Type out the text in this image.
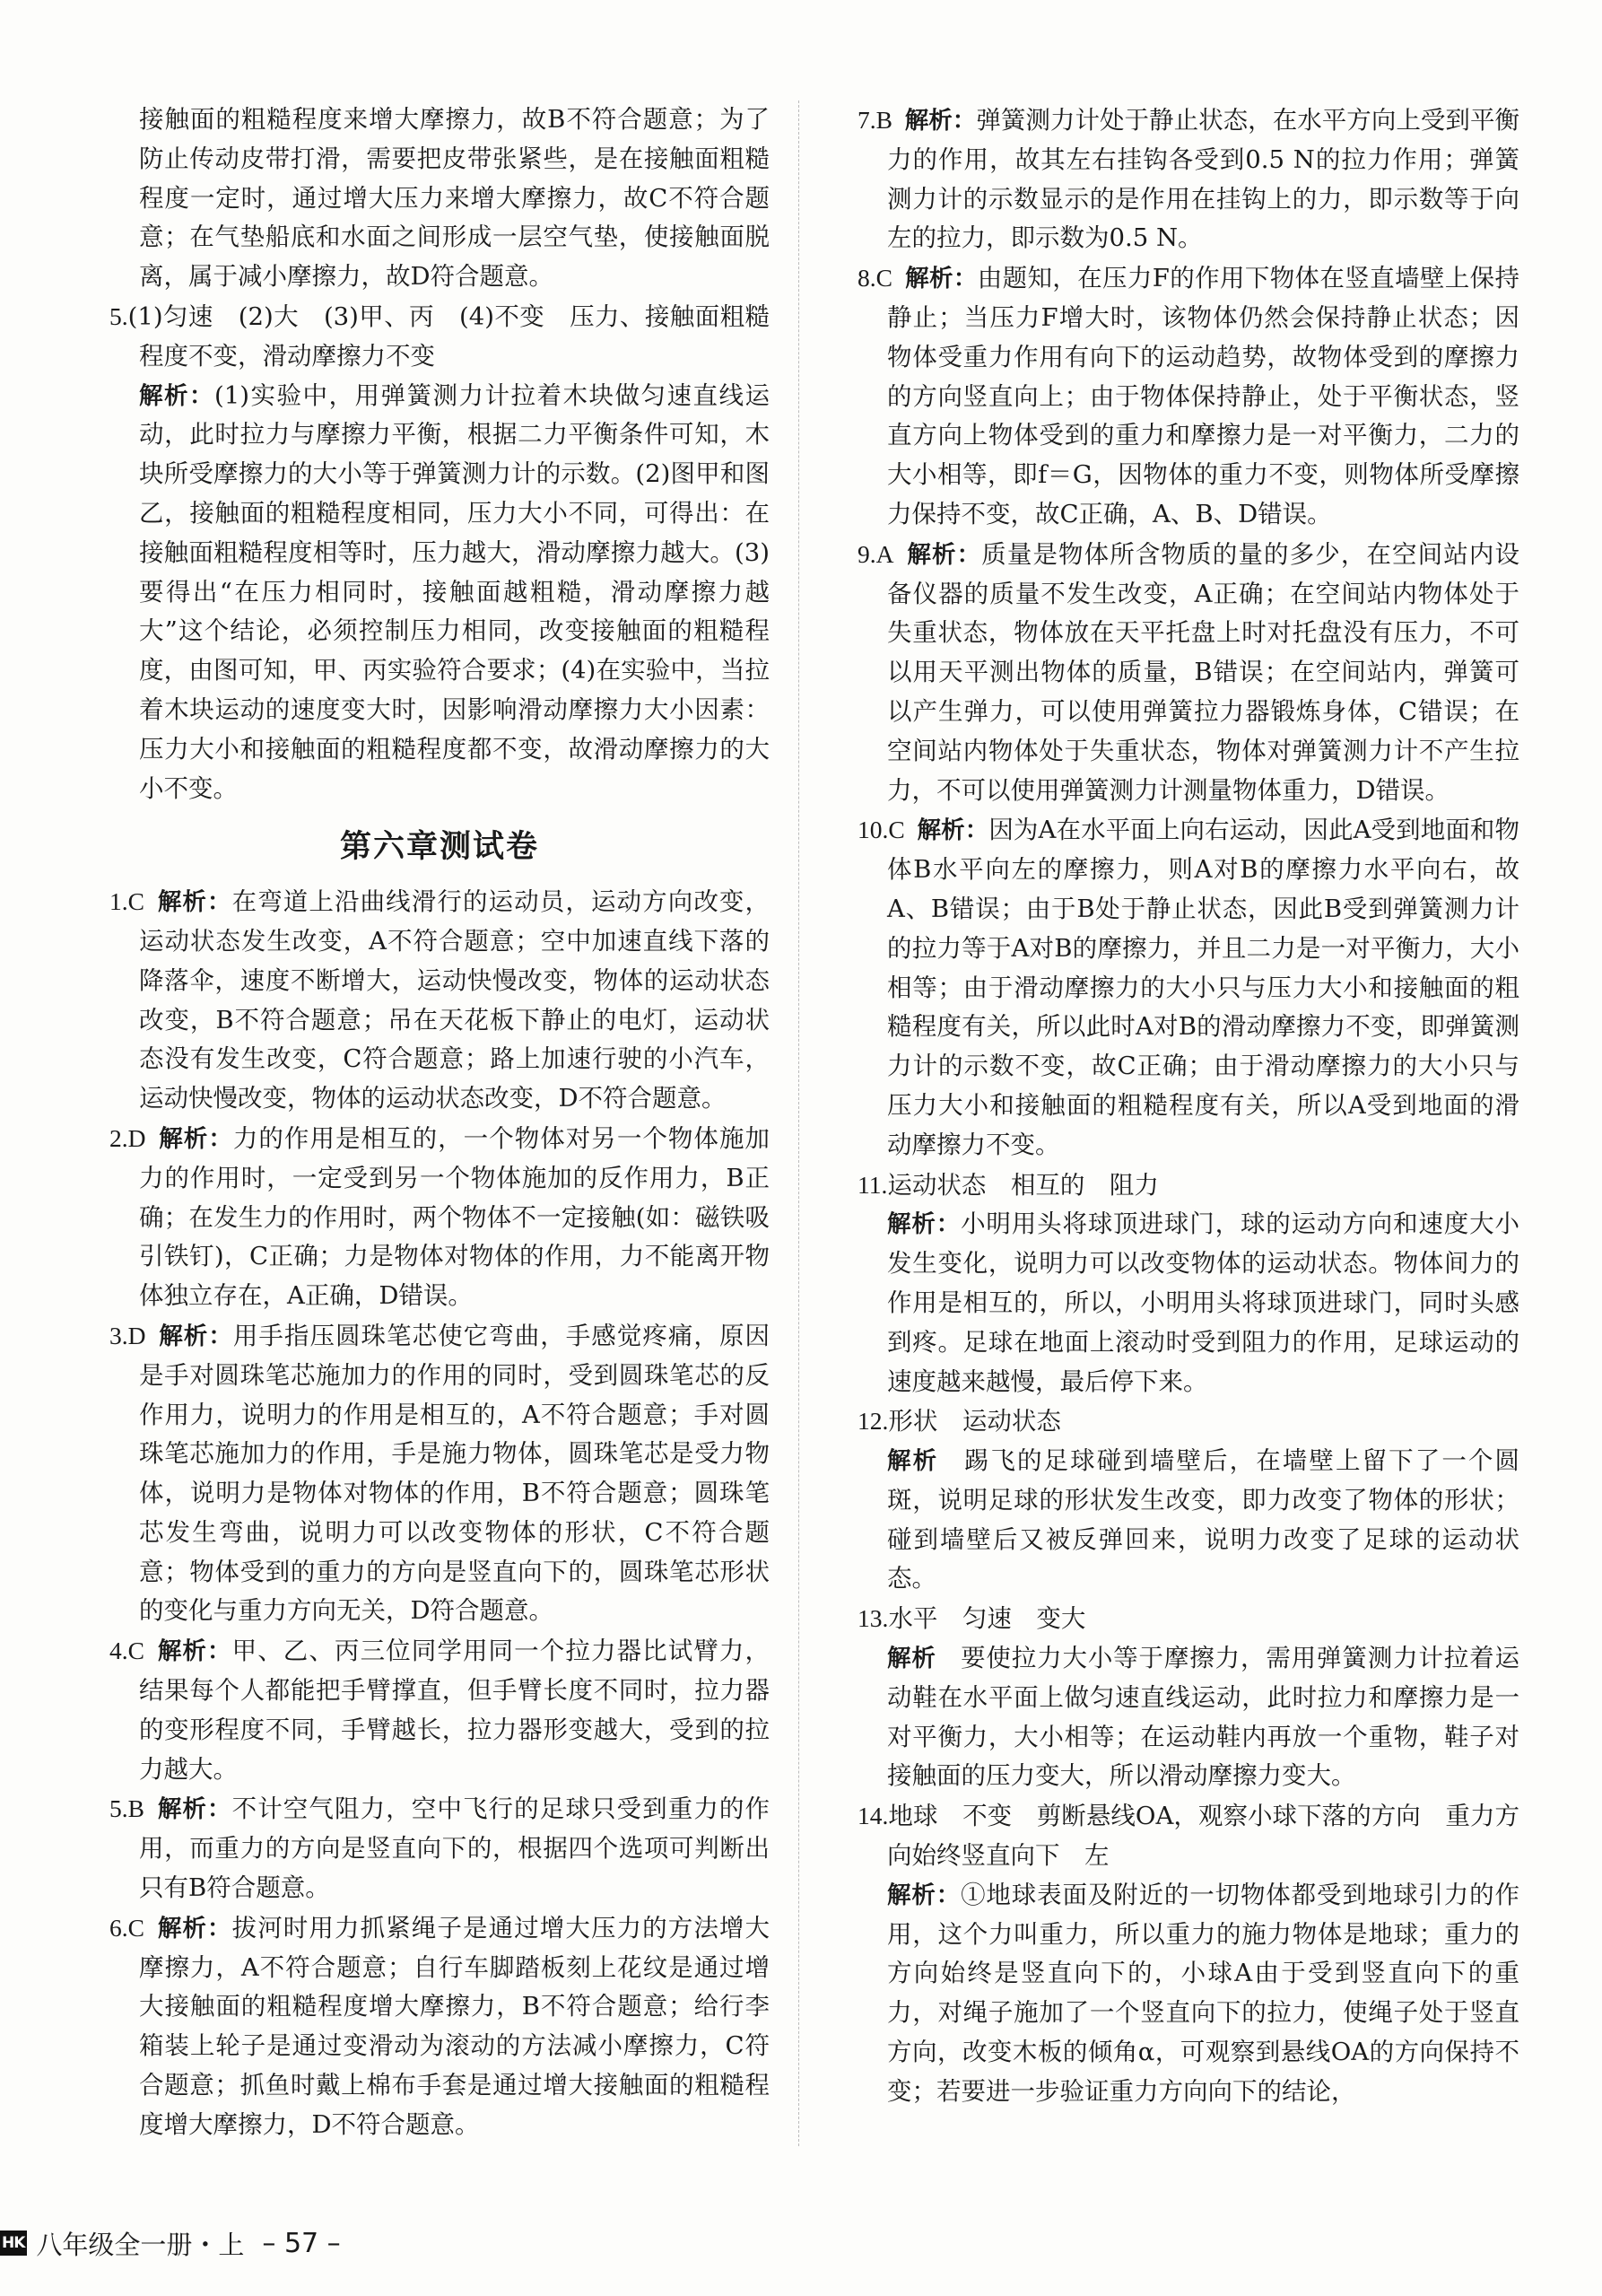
接触面的粗糙程度来增大摩擦力，故B不符合题意；为了防止传动皮带打滑，需要把皮带张紧些，是在接触面粗糙程度一定时，通过增大压力来增大摩擦力，故C不符合题意；在气垫船底和水面之间形成一层空气垫，使接触面脱离，属于减小摩擦力，故D符合题意。

5.(1)匀速　(2)大　(3)甲、丙　(4)不变　压力、接触面粗糙程度不变，滑动摩擦力不变

解析：(1)实验中，用弹簧测力计拉着木块做匀速直线运动，此时拉力与摩擦力平衡，根据二力平衡条件可知，木块所受摩擦力的大小等于弹簧测力计的示数。(2)图甲和图乙，接触面的粗糙程度相同，压力大小不同，可得出：在接触面粗糙程度相等时，压力越大，滑动摩擦力越大。(3)要得出“在压力相同时，接触面越粗糙，滑动摩擦力越大”这个结论，必须控制压力相同，改变接触面的粗糙程度，由图可知，甲、丙实验符合要求；(4)在实验中，当拉着木块运动的速度变大时，因影响滑动摩擦力大小因素：压力大小和接触面的粗糙程度都不变，故滑动摩擦力的大小不变。

第六章测试卷

1.C  解析：在弯道上沿曲线滑行的运动员，运动方向改变，运动状态发生改变，A不符合题意；空中加速直线下落的降落伞，速度不断增大，运动快慢改变，物体的运动状态改变，B不符合题意；吊在天花板下静止的电灯，运动状态没有发生改变，C符合题意；路上加速行驶的小汽车，运动快慢改变，物体的运动状态改变，D不符合题意。

2.D  解析：力的作用是相互的，一个物体对另一个物体施加力的作用时，一定受到另一个物体施加的反作用力，B正确；在发生力的作用时，两个物体不一定接触(如：磁铁吸引铁钉)，C正确；力是物体对物体的作用，力不能离开物体独立存在，A正确，D错误。

3.D  解析：用手指压圆珠笔芯使它弯曲，手感觉疼痛，原因是手对圆珠笔芯施加力的作用的同时，受到圆珠笔芯的反作用力，说明力的作用是相互的，A不符合题意；手对圆珠笔芯施加力的作用，手是施力物体，圆珠笔芯是受力物体，说明力是物体对物体的作用，B不符合题意；圆珠笔芯发生弯曲，说明力可以改变物体的形状，C不符合题意；物体受到的重力的方向是竖直向下的，圆珠笔芯形状的变化与重力方向无关，D符合题意。

4.C  解析：甲、乙、丙三位同学用同一个拉力器比试臂力，结果每个人都能把手臂撑直，但手臂长度不同时，拉力器的变形程度不同，手臂越长，拉力器形变越大，受到的拉力越大。

5.B  解析：不计空气阻力，空中飞行的足球只受到重力的作用，而重力的方向是竖直向下的，根据四个选项可判断出只有B符合题意。

6.C  解析：拔河时用力抓紧绳子是通过增大压力的方法增大摩擦力，A不符合题意；自行车脚踏板刻上花纹是通过增大接触面的粗糙程度增大摩擦力，B不符合题意；给行李箱装上轮子是通过变滑动为滚动的方法减小摩擦力，C符合题意；抓鱼时戴上棉布手套是通过增大接触面的粗糙程度增大摩擦力，D不符合题意。

7.B  解析：弹簧测力计处于静止状态，在水平方向上受到平衡力的作用，故其左右挂钩各受到0.5 N的拉力作用；弹簧测力计的示数显示的是作用在挂钩上的力，即示数等于向左的拉力，即示数为0.5 N。

8.C  解析：由题知，在压力F的作用下物体在竖直墙壁上保持静止；当压力F增大时，该物体仍然会保持静止状态；因物体受重力作用有向下的运动趋势，故物体受到的摩擦力的方向竖直向上；由于物体保持静止，处于平衡状态，竖直方向上物体受到的重力和摩擦力是一对平衡力，二力的大小相等，即f＝G，因物体的重力不变，则物体所受摩擦力保持不变，故C正确，A、B、D错误。

9.A  解析：质量是物体所含物质的量的多少，在空间站内设备仪器的质量不发生改变，A正确；在空间站内物体处于失重状态，物体放在天平托盘上时对托盘没有压力，不可以用天平测出物体的质量，B错误；在空间站内，弹簧可以产生弹力，可以使用弹簧拉力器锻炼身体，C错误；在空间站内物体处于失重状态，物体对弹簧测力计不产生拉力，不可以使用弹簧测力计测量物体重力，D错误。

10.C  解析：因为A在水平面上向右运动，因此A受到地面和物体B水平向左的摩擦力，则A对B的摩擦力水平向右，故A、B错误；由于B处于静止状态，因此B受到弹簧测力计的拉力等于A对B的摩擦力，并且二力是一对平衡力，大小相等；由于滑动摩擦力的大小只与压力大小和接触面的粗糙程度有关，所以此时A对B的滑动摩擦力不变，即弹簧测力计的示数不变，故C正确；由于滑动摩擦力的大小只与压力大小和接触面的粗糙程度有关，所以A受到地面的滑动摩擦力不变。

11.运动状态　相互的　阻力

解析：小明用头将球顶进球门，球的运动方向和速度大小发生变化，说明力可以改变物体的运动状态。物体间力的作用是相互的，所以，小明用头将球顶进球门，同时头感到疼。足球在地面上滚动时受到阻力的作用，足球运动的速度越来越慢，最后停下来。

12.形状　运动状态

解析　踢飞的足球碰到墙壁后，在墙壁上留下了一个圆斑，说明足球的形状发生改变，即力改变了物体的形状；碰到墙壁后又被反弹回来，说明力改变了足球的运动状态。

13.水平　匀速　变大

解析　要使拉力大小等于摩擦力，需用弹簧测力计拉着运动鞋在水平面上做匀速直线运动，此时拉力和摩擦力是一对平衡力，大小相等；在运动鞋内再放一个重物，鞋子对接触面的压力变大，所以滑动摩擦力变大。

14.地球　不变　剪断悬线OA，观察小球下落的方向　重力方向始终竖直向下　左

解析：①地球表面及附近的一切物体都受到地球引力的作用，这个力叫重力，所以重力的施力物体是地球；重力的方向始终是竖直向下的，小球A由于受到竖直向下的重力，对绳子施加了一个竖直向下的拉力，使绳子处于竖直方向，改变木板的倾角α，可观察到悬线OA的方向保持不变；若要进一步验证重力方向向下的结论，

HK 八年级全一册・上 – 57 –
